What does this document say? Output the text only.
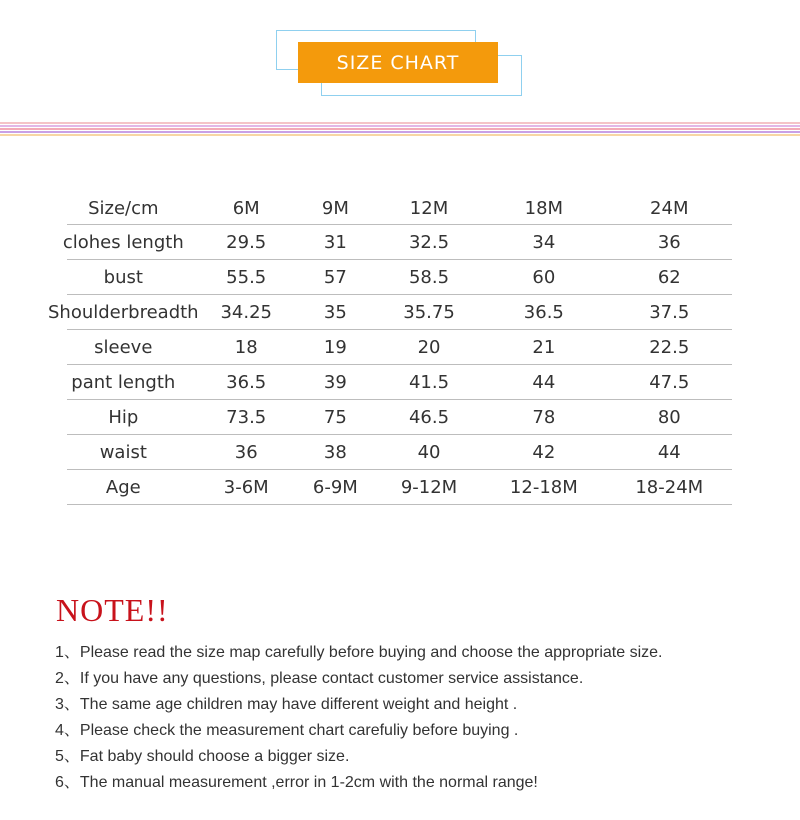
SIZE CHART
Size/cm	6M	9M	12M	18M	24M
clohes length	29.5	31	32.5	34	36
bust	55.5	57	58.5	60	62
Shoulderbreadth	34.25	35	35.75	36.5	37.5
sleeve	18	19	20	21	22.5
pant length	36.5	39	41.5	44	47.5
Hip	73.5	75	46.5	78	80
waist	36	38	40	42	44
Age	3-6M	6-9M	9-12M	12-18M	18-24M
NOTE!!
1、Please read the size map carefully before buying and choose the appropriate size.
2、If you have any questions, please contact customer service assistance.
3、The same age children may have different weight and height .
4、Please check the measurement chart carefuliy before buying .
5、Fat baby should choose a bigger size.
6、The manual measurement ,error in 1-2cm with the normal range!
